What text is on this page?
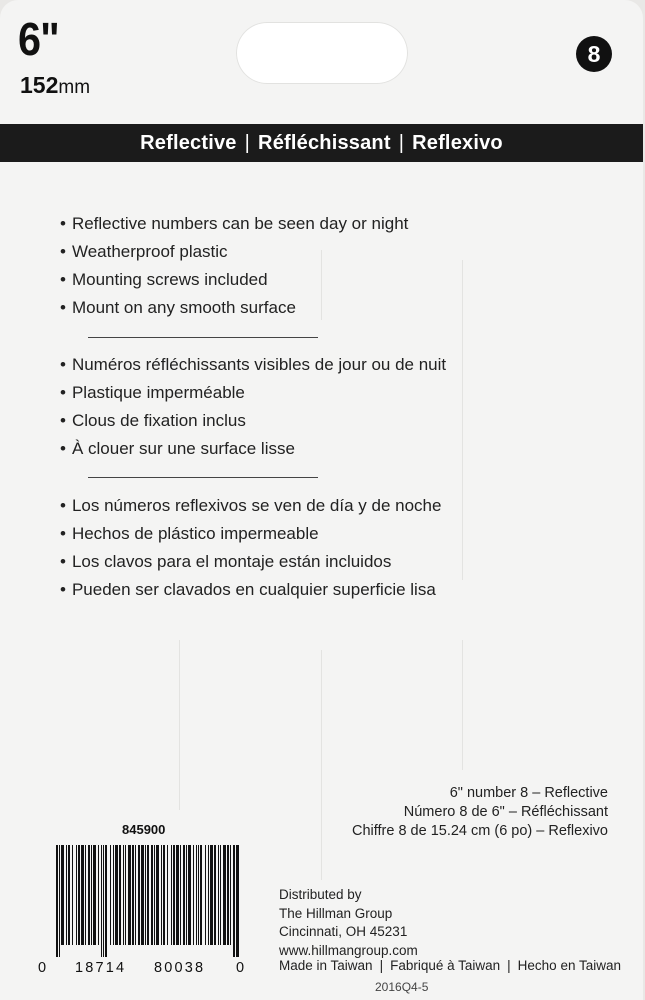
6"
152mm
8
Reflective | Réfléchissant | Reflexivo
• Reflective numbers can be seen day or night
• Weatherproof plastic
• Mounting screws included
• Mount on any smooth surface
• Numéros réfléchissants visibles de jour ou de nuit
• Plastique imperméable
• Clous de fixation inclus
• À clouer sur une surface lisse
• Los números reflexivos se ven de día y de noche
• Hechos de plástico impermeable
• Los clavos para el montaje están incluidos
• Pueden ser clavados en cualquier superficie lisa
6" number 8 – Reflective
Número 8 de 6" – Réfléchissant
Chiffre 8 de 15.24 cm (6 po) – Reflexivo
845900
0 18714 80038 0
Distributed by
The Hillman Group
Cincinnati, OH 45231
www.hillmangroup.com
Made in Taiwan | Fabriqué à Taiwan | Hecho en Taiwan
2016Q4-5
